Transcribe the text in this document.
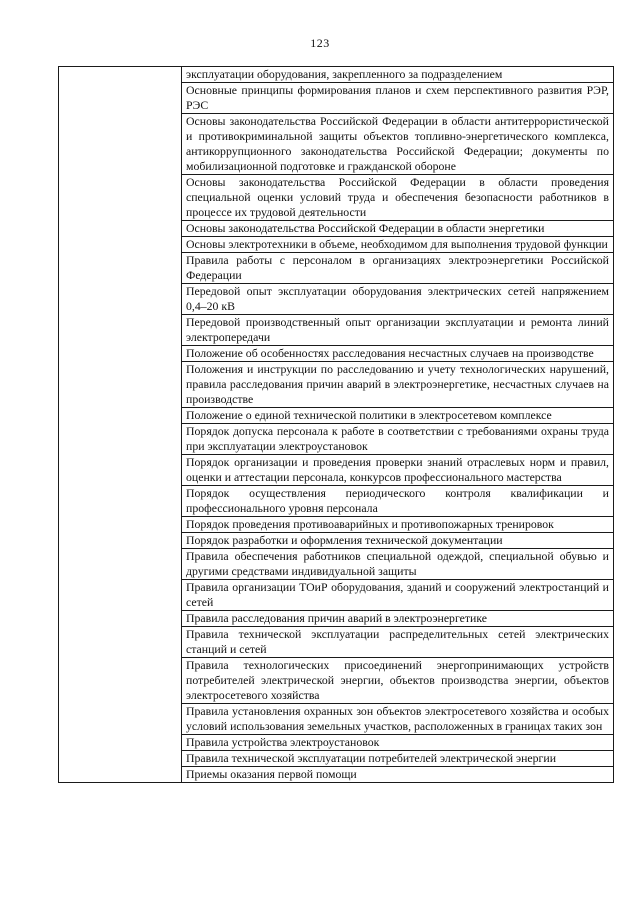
123
	эксплуатации оборудования, закрепленного за подразделением
Основные принципы формирования планов и схем перспективного развития РЭР, РЭС
Основы законодательства Российской Федерации в области антитеррористической и противокриминальной защиты объектов топливно-энергетического комплекса, антикоррупционного законодательства Российской Федерации; документы по мобилизационной подготовке и гражданской обороне
Основы законодательства Российской Федерации в области проведения специальной оценки условий труда и обеспечения безопасности работников в процессе их трудовой деятельности
Основы законодательства Российской Федерации в области энергетики
Основы электротехники в объеме, необходимом для выполнения трудовой функции
Правила работы с персоналом в организациях электроэнергетики Российской Федерации
Передовой опыт эксплуатации оборудования электрических сетей напряжением 0,4–20 кВ
Передовой производственный опыт организации эксплуатации и ремонта линий электропередачи
Положение об особенностях расследования несчастных случаев на производстве
Положения и инструкции по расследованию и учету технологических нарушений, правила расследования причин аварий в электроэнергетике, несчастных случаев на производстве
Положение о единой технической политики в электросетевом комплексе
Порядок допуска персонала к работе в соответствии с требованиями охраны труда при эксплуатации электроустановок
Порядок организации и проведения проверки знаний отраслевых норм и правил, оценки и аттестации персонала, конкурсов профессионального мастерства
Порядок осуществления периодического контроля квалификации и профессионального уровня персонала
Порядок проведения противоаварийных и противопожарных тренировок
Порядок разработки и оформления технической документации
Правила обеспечения работников специальной одеждой, специальной обувью и другими средствами индивидуальной защиты
Правила организации ТОиР оборудования, зданий и сооружений электростанций и сетей
Правила расследования причин аварий в электроэнергетике
Правила технической эксплуатации распределительных сетей электрических станций и сетей
Правила технологических присоединений энергопринимающих устройств потребителей электрической энергии, объектов производства энергии, объектов электросетевого хозяйства
Правила установления охранных зон объектов электросетевого хозяйства и особых условий использования земельных участков, расположенных в границах таких зон
Правила устройства электроустановок
Правила технической эксплуатации потребителей электрической энергии
Приемы оказания первой помощи
